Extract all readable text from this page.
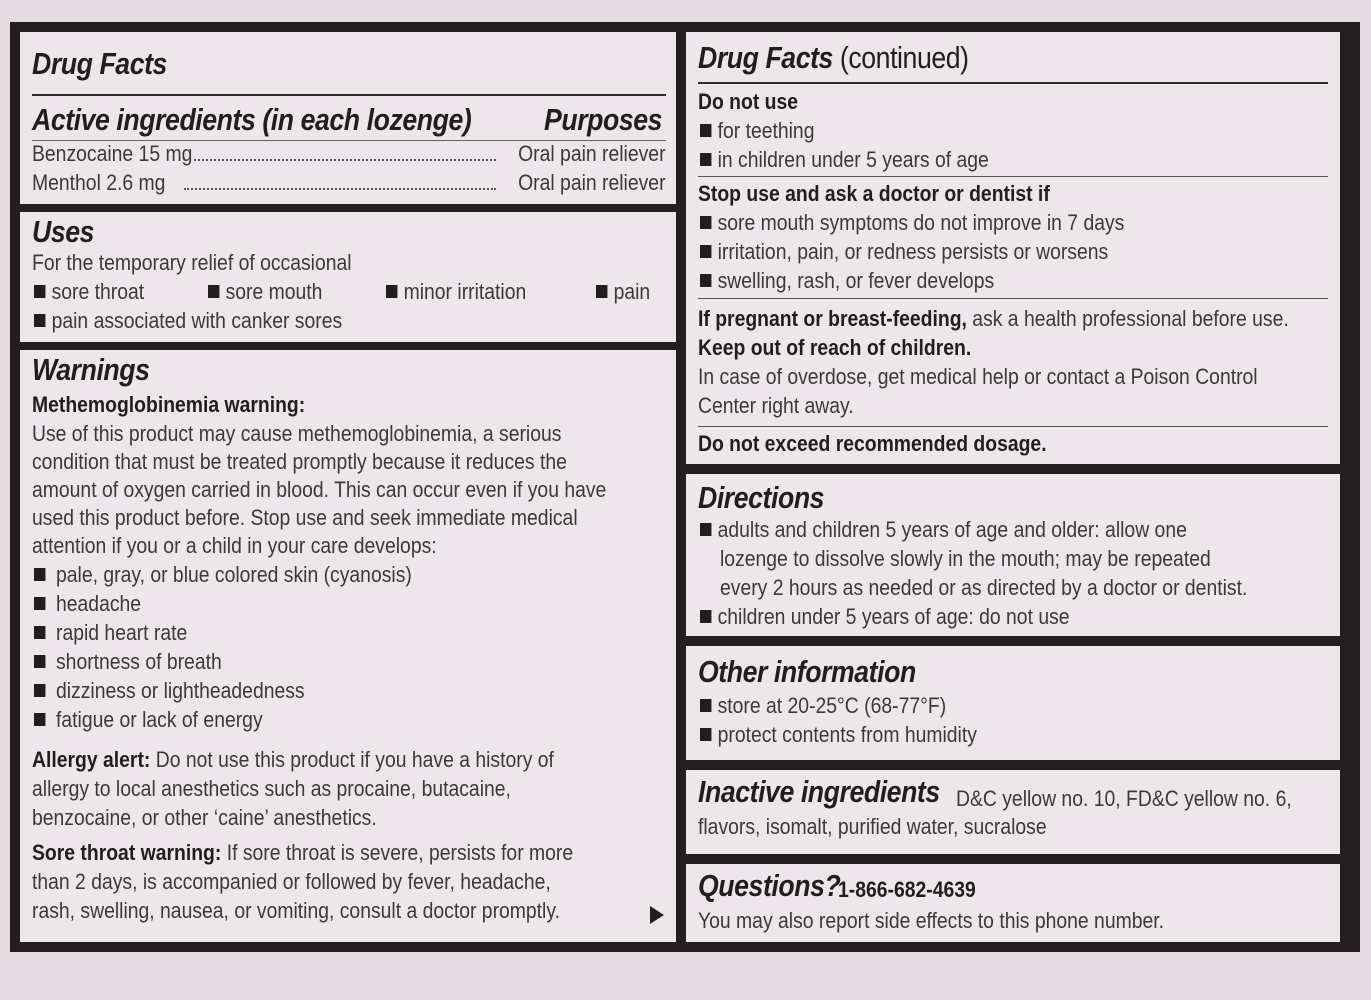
Drug Facts
Active ingredients (in each lozenge) Purposes
Benzocaine 15 mg	Oral pain reliever
Menthol 2.6 mg	Oral pain reliever
Uses
For the temporary relief of occasional
sore throat	sore mouth	minor irritation	pain
pain associated with canker sores
Warnings
Methemoglobinemia warning:
Use of this product may cause methemoglobinemia, a serious
condition that must be treated promptly because it reduces the
amount of oxygen carried in blood. This can occur even if you have
used this product before. Stop use and seek immediate medical
attention if you or a child in your care develops:
pale, gray, or blue colored skin (cyanosis)
headache
rapid heart rate
shortness of breath
dizziness or lightheadedness
fatigue or lack of energy
Allergy alert: Do not use this product if you have a history of
allergy to local anesthetics such as procaine, butacaine,
benzocaine, or other ‘caine’ anesthetics.
Sore throat warning: If sore throat is severe, persists for more
than 2 days, is accompanied or followed by fever, headache,
rash, swelling, nausea, or vomiting, consult a doctor promptly.
Drug Facts (continued)
Do not use
for teething
in children under 5 years of age
Stop use and ask a doctor or dentist if
sore mouth symptoms do not improve in 7 days
irritation, pain, or redness persists or worsens
swelling, rash, or fever develops
If pregnant or breast-feeding, ask a health professional before use.
Keep out of reach of children.
In case of overdose, get medical help or contact a Poison Control
Center right away.
Do not exceed recommended dosage.
Directions
adults and children 5 years of age and older: allow one
lozenge to dissolve slowly in the mouth; may be repeated
every 2 hours as needed or as directed by a doctor or dentist.
children under 5 years of age: do not use
Other information
store at 20-25°C (68-77°F)
protect contents from humidity
Inactive ingredients D&C yellow no. 10, FD&C yellow no. 6,
flavors, isomalt, purified water, sucralose
Questions?
1-866-682-4639
You may also report side effects to this phone number.
